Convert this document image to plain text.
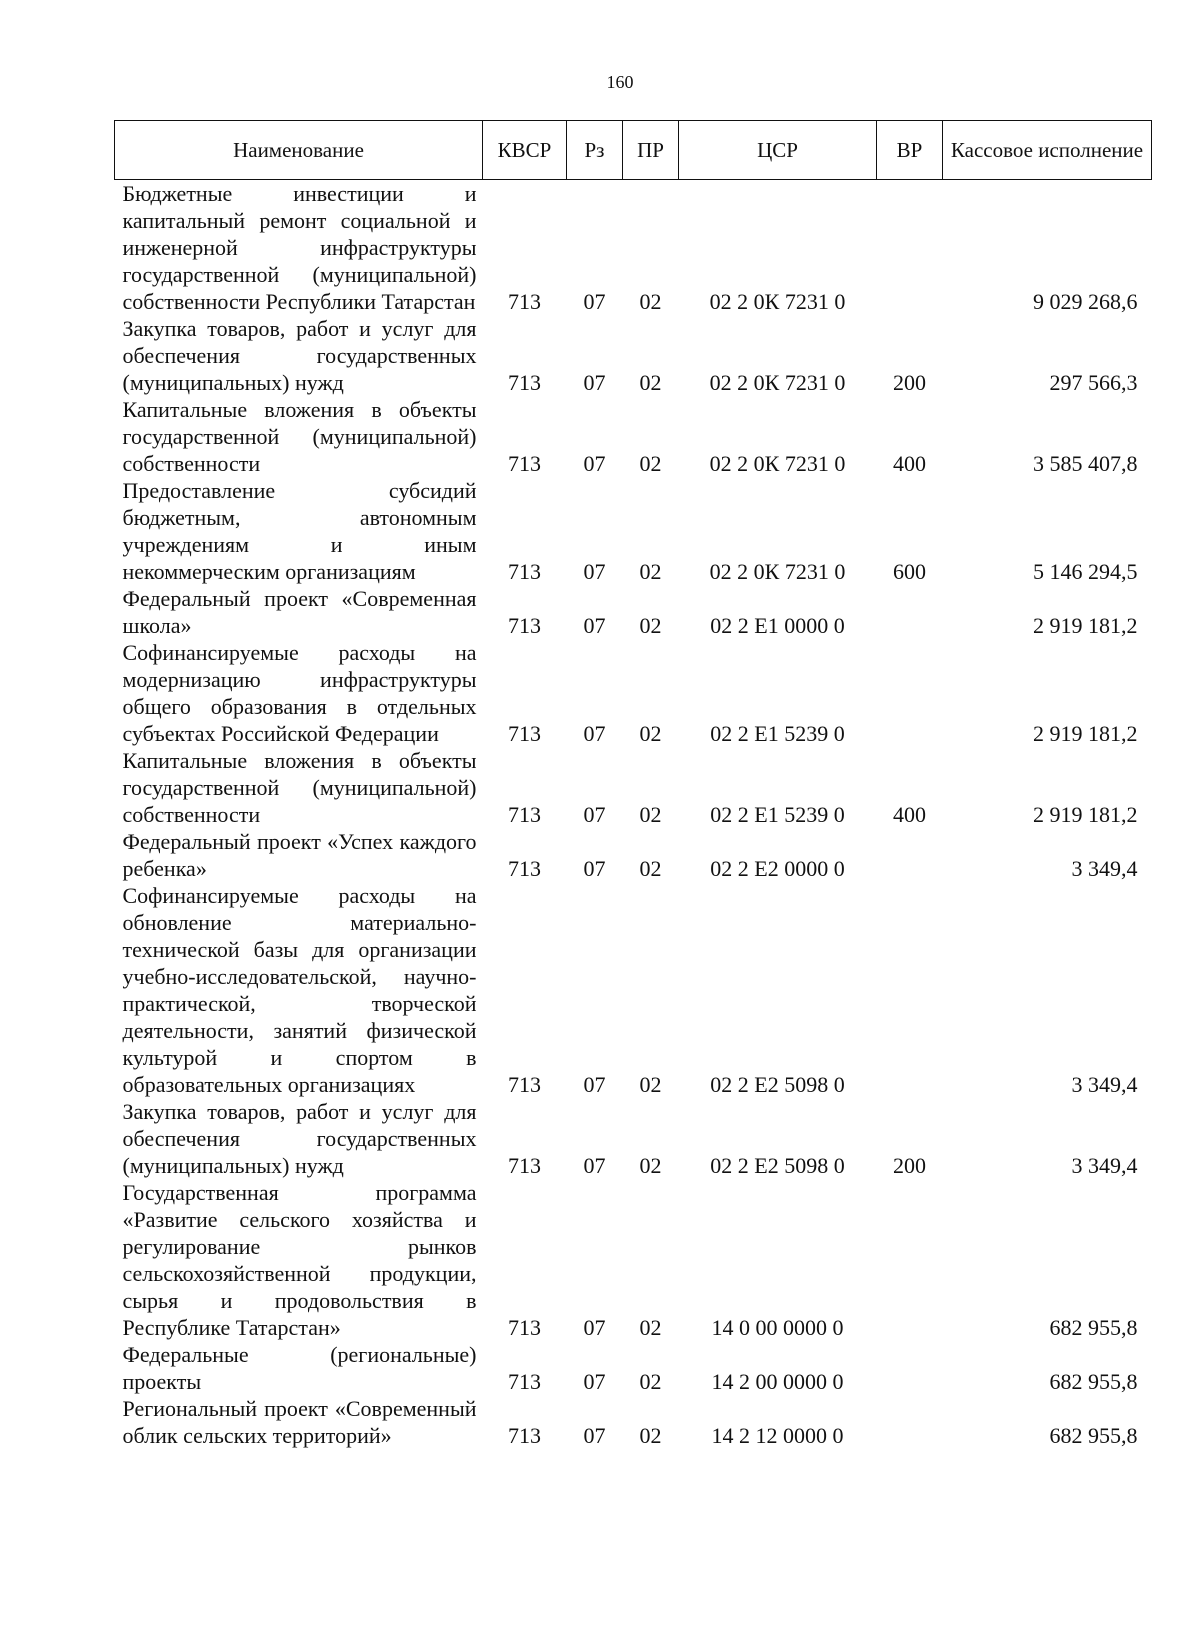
160
Наименование	КВСР	Рз	ПР	ЦСР	ВР	Кассовое исполнение
Бюджетные инвестиции и капитальный ремонт социальной и инженерной инфраструктуры государственной (муниципальной) собственности Республики Татарстан	713	07	02	02 2 0К 7231 0		9 029 268,6
Закупка товаров, работ и услуг для обеспечения государственных (муниципальных) нужд	713	07	02	02 2 0К 7231 0	200	297 566,3
Капитальные вложения в объекты государственной (муниципальной) собственности	713	07	02	02 2 0К 7231 0	400	3 585 407,8
Предоставление субсидий бюджетным, автономным учреждениям и иным некоммерческим организациям	713	07	02	02 2 0К 7231 0	600	5 146 294,5
Федеральный проект «Современная школа»	713	07	02	02 2 Е1 0000 0		2 919 181,2
Софинансируемые расходы на модернизацию инфраструктуры общего образования в отдельных субъектах Российской Федерации	713	07	02	02 2 Е1 5239 0		2 919 181,2
Капитальные вложения в объекты государственной (муниципальной) собственности	713	07	02	02 2 Е1 5239 0	400	2 919 181,2
Федеральный проект «Успех каждого ребенка»	713	07	02	02 2 Е2 0000 0		3 349,4
Софинансируемые расходы на обновление материально-технической базы для организации учебно-исследовательской, научно-практической, творческой деятельности, занятий физической культурой и спортом в образовательных организациях	713	07	02	02 2 Е2 5098 0		3 349,4
Закупка товаров, работ и услуг для обеспечения государственных (муниципальных) нужд	713	07	02	02 2 Е2 5098 0	200	3 349,4
Государственная программа «Развитие сельского хозяйства и регулирование рынков сельскохозяйственной продукции, сырья и продовольствия в Республике Татарстан»	713	07	02	14 0 00 0000 0		682 955,8
Федеральные (региональные) проекты	713	07	02	14 2 00 0000 0		682 955,8
Региональный проект «Современный облик сельских территорий»	713	07	02	14 2 12 0000 0		682 955,8
